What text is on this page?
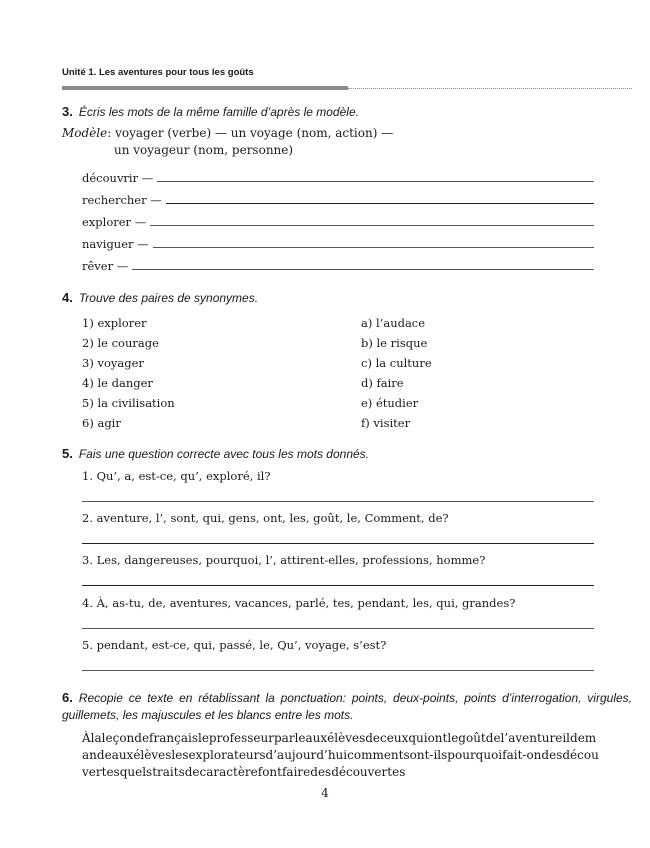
Unité 1. Les aventures pour tous les goûts
3. Écris les mots de la même famille d’après le modèle.
Modèle: voyager (verbe) — un voyage (nom, action) —
un voyageur (nom, personne)
découvrir —
rechercher —
explorer —
naviguer —
rêver —
4. Trouve des paires de synonymes.
1) explorer
2) le courage
3) voyager
4) le danger
5) la civilisation
6) agir
a) l’audace
b) le risque
c) la culture
d) faire
e) étudier
f) visiter
5. Fais une question correcte avec tous les mots donnés.
1. Qu’, a, est-ce, qu’, exploré, il?
2. aventure, l’, sont, qui, gens, ont, les, goût, le, Comment, de?
3. Les, dangereuses, pourquoi, l’, attirent-elles, professions, homme?
4. À, as-tu, de, aventures, vacances, parlé, tes, pendant, les, qui, grandes?
5. pendant, est-ce, qui, passé, le, Qu’, voyage, s’est?
6. Recopie ce texte en rétablissant la ponctuation: points, deux-points, points d’interrogation, virgules, guillemets, les majuscules et les blancs entre les mots.
Àlaleçondefrançaisleprofesseurparleauxélèvesdeceuxquiontlegoûtdel’aventureildemandeauxélèveslesexplorateursd’aujourd’huicommentsont-ilspourquoifait-ondesdécouvertesquelstraitsdecaractèrefontfairedesdécouvertes
4
